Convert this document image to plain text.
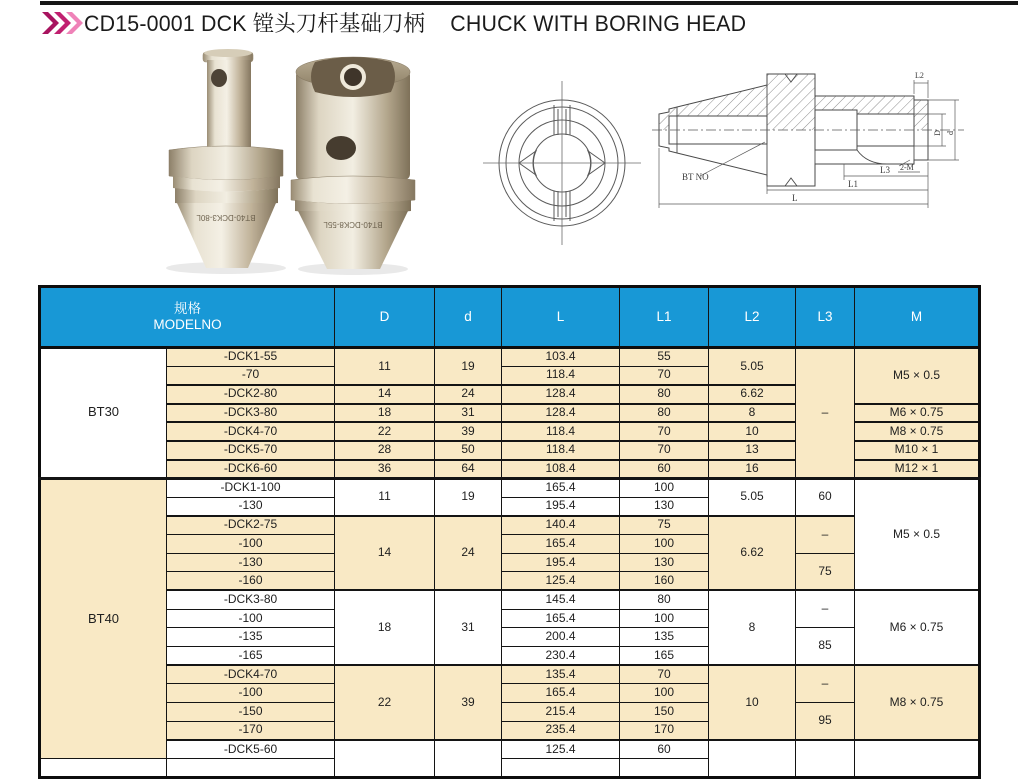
CD15-0001 DCK 镗头刀杆基础刀柄 CHUCK WITH BORING HEAD
BT40-DCK3-80L
BT40-DCK8-55L
BT NO
L
L1
L3
L2
D d
2-M
规格
MODELNO		D	d	L	L1	L2	L3	M
BT30	-DCK1-55	11	19	103.4	55	5.05	–	M5 × 0.5
	-70			118.4	70			
	-DCK2-80	14	24	128.4	80	6.62		
	-DCK3-80	18	31	128.4	80	8		M6 × 0.75
	-DCK4-70	22	39	118.4	70	10		M8 × 0.75
	-DCK5-70	28	50	118.4	70	13		M10 × 1
	-DCK6-60	36	64	108.4	60	16		M12 × 1
BT40	-DCK1-100	11	19	165.4	100	5.05	60	M5 × 0.5
	-130			195.4	130			
	-DCK2-75	14	24	140.4	75	6.62	–	
	-100			165.4	100			
	-130			195.4	130		75	
	-160			125.4	160			
	-DCK3-80	18	31	145.4	80	8	–	M6 × 0.75
	-100			165.4	100			
	-135			200.4	135		85	
	-165			230.4	165			
	-DCK4-70	22	39	135.4	70	10	–	M8 × 0.75
	-100			165.4	100			
	-150			215.4	150		95	
	-170			235.4	170			
	-DCK5-60			125.4	60			
